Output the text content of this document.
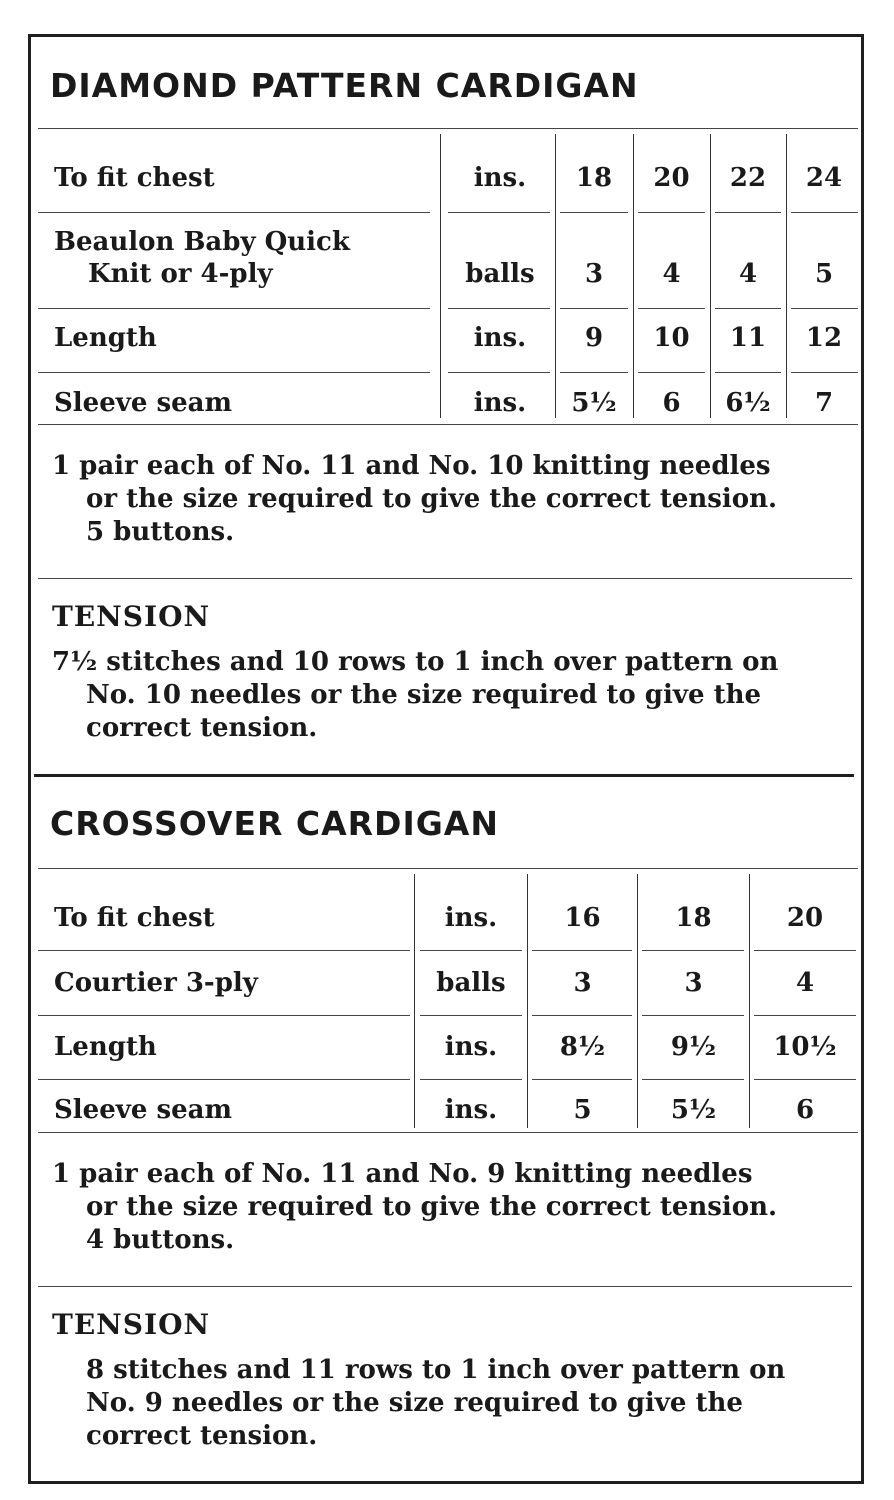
DIAMOND PATTERN CARDIGAN
To fit chest	ins.	18	20	22	24
Beaulon Baby Quick
Knit or 4-ply	balls	3	4	4	5
Length	ins.	9	10	11	12
Sleeve seam	ins.	5½	6	6½	7
1 pair each of No. 11 and No. 10 knitting needles
or the size required to give the correct tension.
5 buttons.
TENSION
7½ stitches and 10 rows to 1 inch over pattern on
No. 10 needles or the size required to give the
correct tension.
CROSSOVER CARDIGAN
To fit chest	ins.	16	18	20
Courtier 3-ply	balls	3	3	4
Length	ins.	8½	9½	10½
Sleeve seam	ins.	5	5½	6
1 pair each of No. 11 and No. 9 knitting needles
or the size required to give the correct tension.
4 buttons.
TENSION
8 stitches and 11 rows to 1 inch over pattern on
No. 9 needles or the size required to give the
correct tension.
